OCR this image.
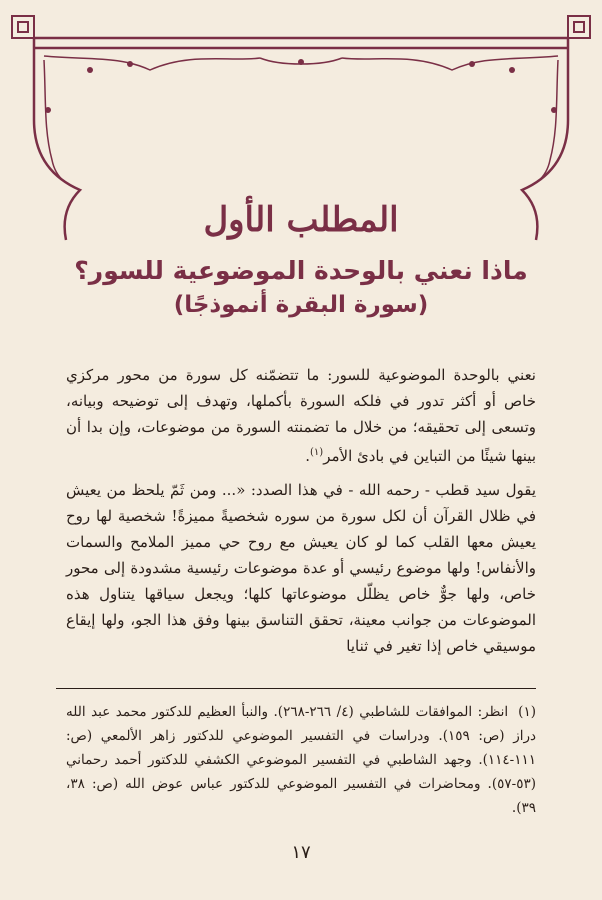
المطلب الأول
ماذا نعني بالوحدة الموضوعية للسور؟
(سورة البقرة أنموذجًا)

نعني بالوحدة الموضوعية للسور: ما تتضمّنه كل سورة من محور مركزي خاص أو أكثر تدور في فلكه السورة بأكملها، وتهدف إلى توضيحه وبيانه، وتسعى إلى تحقيقه؛ من خلال ما تضمنته السورة من موضوعات، وإن بدا أن بينها شيئًا من التباين في بادئ الأمر$^{(١)}$.

يقول سيد قطب - رحمه الله - في هذا الصدد: «... ومن ثَمّ يلحظ من يعيش في ظلال القرآن أن لكل سورة من سوره شخصيةً مميزةً! شخصية لها روح يعيش معها القلب كما لو كان يعيش مع روح حي مميز الملامح والسمات والأنفاس! ولها موضوع رئيسي أو عدة موضوعات رئيسية مشدودة إلى محور خاص، ولها جوٌّ خاص يظلّل موضوعاتها كلها؛ ويجعل سياقها يتناول هذه الموضوعات من جوانب معينة، تحقق التناسق بينها وفق هذا الجو، ولها إيقاع موسيقي خاص إذا تغير في ثنايا

(١)انظر: الموافقات للشاطبي (٤/ ٢٦٦-٢٦٨). والنبأ العظيم للدكتور محمد عبد الله دراز (ص: ١٥٩). ودراسات في التفسير الموضوعي للدكتور زاهر الألمعي (ص: ١١١-١١٤). وجهد الشاطبي في التفسير الموضوعي الكشفي للدكتور أحمد رحماني (٥٣-٥٧). ومحاضرات في التفسير الموضوعي للدكتور عباس عوض الله (ص: ٣٨، ٣٩).
١٧
